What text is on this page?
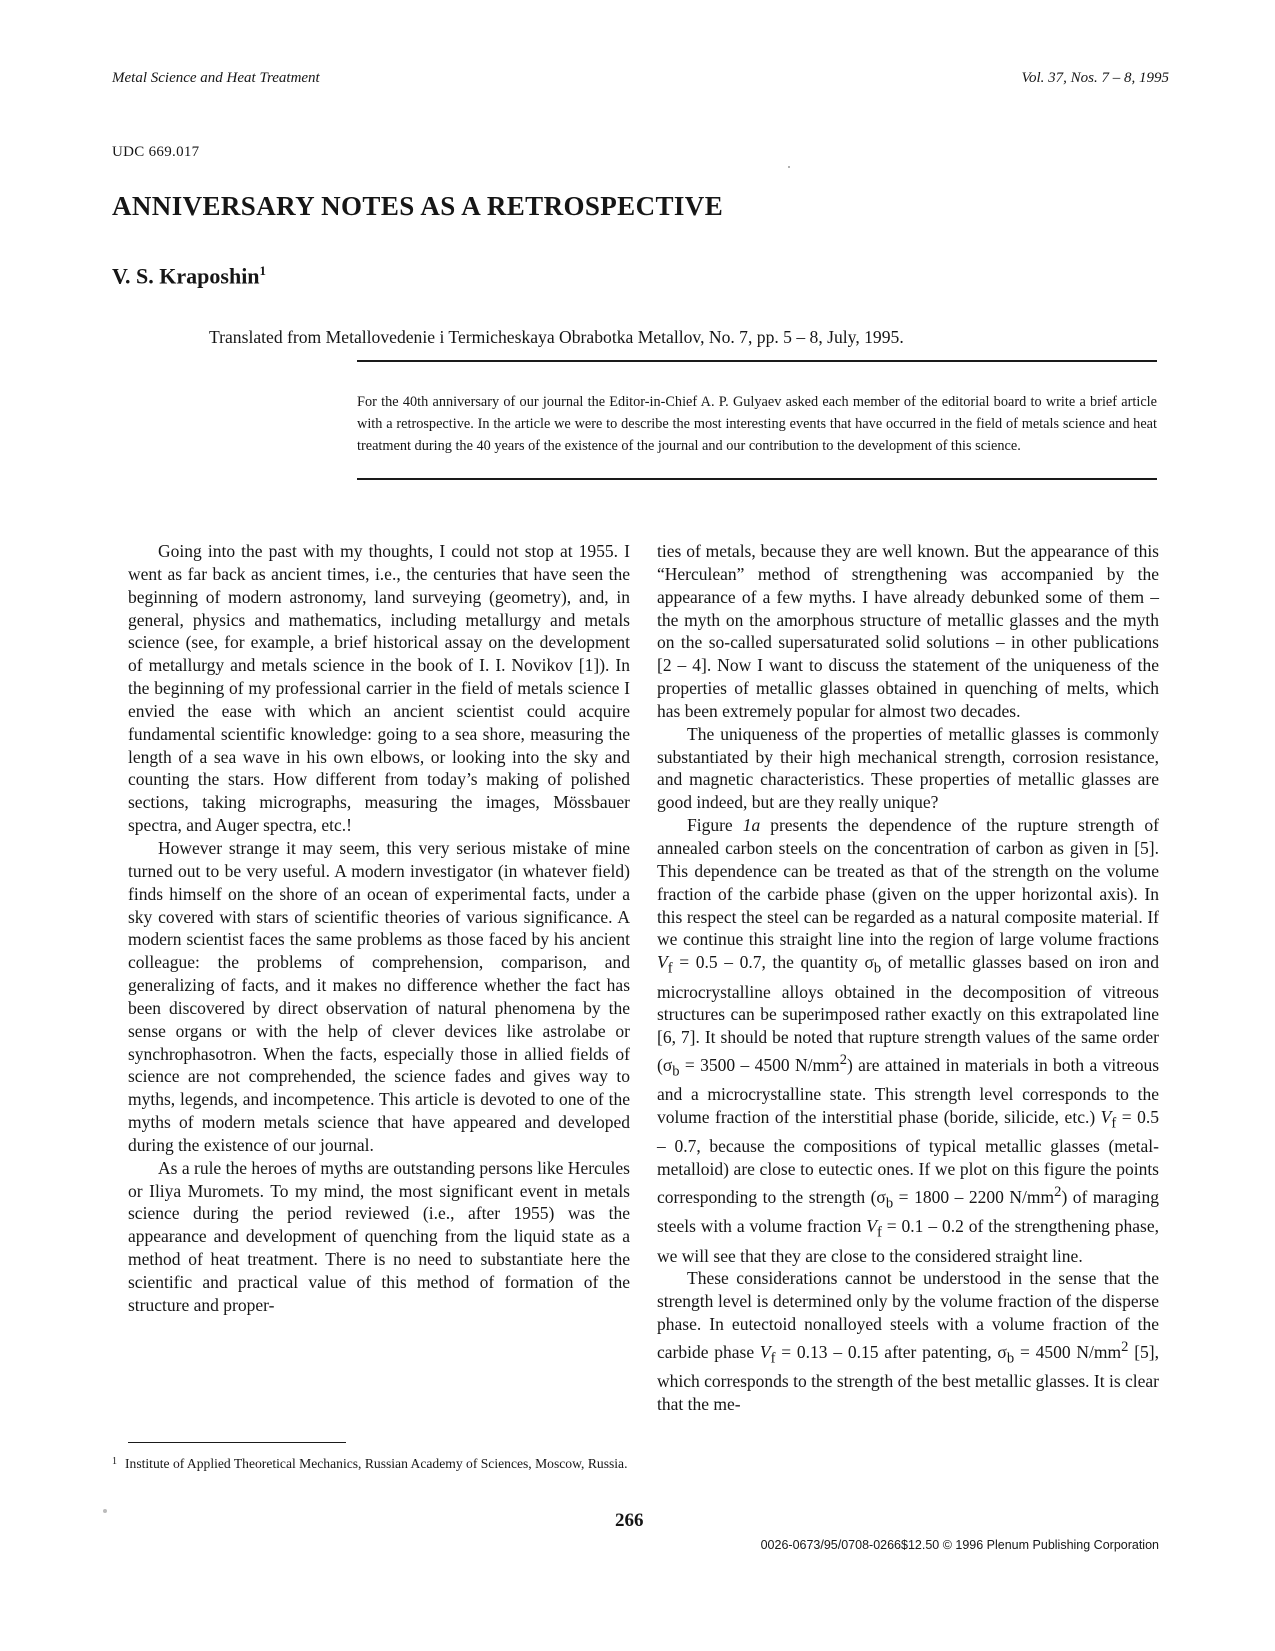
Metal Science and Heat Treatment	Vol. 37, Nos. 7 – 8, 1995
UDC 669.017
ANNIVERSARY NOTES AS A RETROSPECTIVE
V. S. Kraposhin$^1$
Translated from Metallovedenie i Termicheskaya Obrabotka Metallov, No. 7, pp. 5 – 8, July, 1995.
For the 40th anniversary of our journal the Editor-in-Chief A. P. Gulyaev asked each member of the editorial board to write a brief article with a retrospective. In the article we were to describe the most interesting events that have occurred in the field of metals science and heat treatment during the 40 years of the existence of the journal and our contribution to the development of this science.

Going into the past with my thoughts, I could not stop at 1955. I went as far back as ancient times, i.e., the centuries that have seen the beginning of modern astronomy, land surveying (geometry), and, in general, physics and mathematics, including metallurgy and metals science (see, for example, a brief historical assay on the development of metallurgy and metals science in the book of I. I. Novikov [1]). In the beginning of my professional carrier in the field of metals science I envied the ease with which an ancient scientist could acquire fundamental scientific knowledge: going to a sea shore, measuring the length of a sea wave in his own elbows, or looking into the sky and counting the stars. How different from today’s making of polished sections, taking micrographs, measuring the images, Mössbauer spectra, and Auger spectra, etc.!

However strange it may seem, this very serious mistake of mine turned out to be very useful. A modern investigator (in whatever field) finds himself on the shore of an ocean of experimental facts, under a sky covered with stars of scientific theories of various significance. A modern scientist faces the same problems as those faced by his ancient colleague: the problems of comprehension, comparison, and generalizing of facts, and it makes no difference whether the fact has been discovered by direct observation of natural phenomena by the sense organs or with the help of clever devices like astrolabe or synchrophasotron. When the facts, especially those in allied fields of science are not comprehended, the science fades and gives way to myths, legends, and incompetence. This article is devoted to one of the myths of modern metals science that have appeared and developed during the existence of our journal.

As a rule the heroes of myths are outstanding persons like Hercules or Iliya Muromets. To my mind, the most significant event in metals science during the period reviewed (i.e., after 1955) was the appearance and development of quenching from the liquid state as a method of heat treatment. There is no need to substantiate here the scientific and practical value of this method of formation of the structure and proper-

ties of metals, because they are well known. But the appearance of this “Herculean” method of strengthening was accompanied by the appearance of a few myths. I have already debunked some of them – the myth on the amorphous structure of metallic glasses and the myth on the so-called supersaturated solid solutions – in other publications [2 – 4]. Now I want to discuss the statement of the uniqueness of the properties of metallic glasses obtained in quenching of melts, which has been extremely popular for almost two decades.

The uniqueness of the properties of metallic glasses is commonly substantiated by their high mechanical strength, corrosion resistance, and magnetic characteristics. These properties of metallic glasses are good indeed, but are they really unique?

Figure 1a presents the dependence of the rupture strength of annealed carbon steels on the concentration of carbon as given in [5]. This dependence can be treated as that of the strength on the volume fraction of the carbide phase (given on the upper horizontal axis). In this respect the steel can be regarded as a natural composite material. If we continue this straight line into the region of large volume fractions $V_f = 0.5 - 0.7$, the quantity $\sigma_b$ of metallic glasses based on iron and microcrystalline alloys obtained in the decomposition of vitreous structures can be superimposed rather exactly on this extrapolated line [6, 7]. It should be noted that rupture strength values of the same order ($\sigma_b = 3500 - 4500$ $N/mm^2$) are attained in materials in both a vitreous and a microcrystalline state. This strength level corresponds to the volume fraction of the interstitial phase (boride, silicide, etc.) $V_f = 0.5 - 0.7$, because the compositions of typical metallic glasses (metal-metalloid) are close to eutectic ones. If we plot on this figure the points corresponding to the strength ($\sigma_b = 1800 - 2200$ $N/mm^2$) of maraging steels with a volume fraction $V_f = 0.1 - 0.2$ of the strengthening phase, we will see that they are close to the considered straight line.

These considerations cannot be understood in the sense that the strength level is determined only by the volume fraction of the disperse phase. In eutectoid nonalloyed steels with a volume fraction of the carbide phase $V_f = 0.13 - 0.15$ after patenting, $\sigma_b = 4500$ $N/mm^2$ [5], which corresponds to the strength of the best metallic glasses. It is clear that the me-

1 Institute of Applied Theoretical Mechanics, Russian Academy of Sciences, Moscow, Russia.
266
0026-0673/95/0708-0266$12.50 © 1996 Plenum Publishing Corporation
